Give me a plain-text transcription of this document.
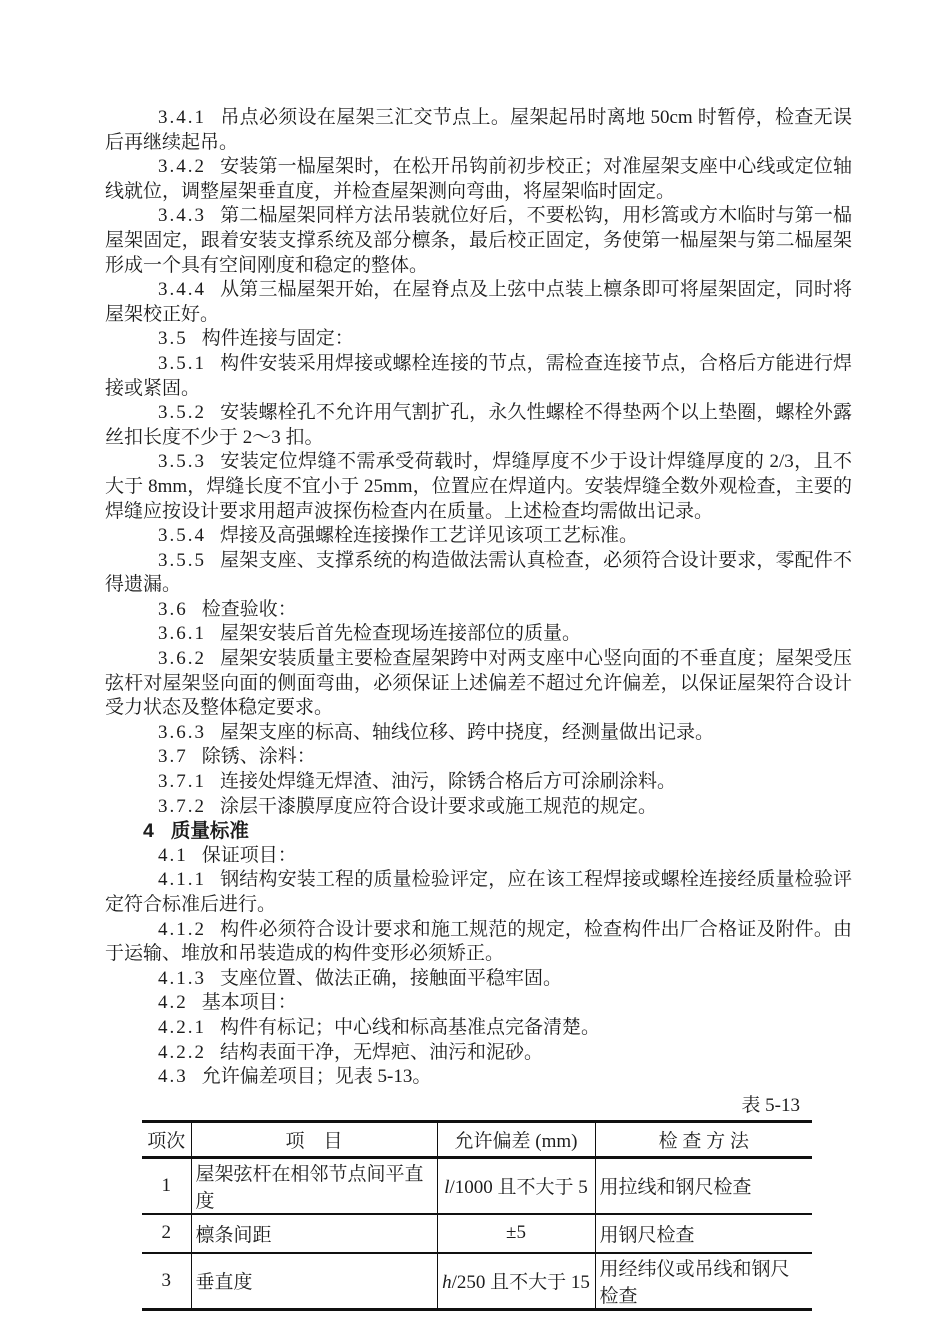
3.4.1 吊点必须设在屋架三汇交节点上。屋架起吊时离地 50cm 时暂停，检查无误后再继续起吊。

3.4.2 安装第一榀屋架时，在松开吊钩前初步校正；对准屋架支座中心线或定位轴线就位，调整屋架垂直度，并检查屋架测向弯曲，将屋架临时固定。

3.4.3 第二榀屋架同样方法吊装就位好后，不要松钩，用杉篙或方木临时与第一榀屋架固定，跟着安装支撑系统及部分檩条，最后校正固定，务使第一榀屋架与第二榀屋架形成一个具有空间刚度和稳定的整体。

3.4.4 从第三榀屋架开始，在屋脊点及上弦中点装上檩条即可将屋架固定，同时将屋架校正好。

3.5 构件连接与固定：

3.5.1 构件安装采用焊接或螺栓连接的节点，需检查连接节点，合格后方能进行焊接或紧固。

3.5.2 安装螺栓孔不允许用气割扩孔，永久性螺栓不得垫两个以上垫圈，螺栓外露丝扣长度不少于 2～3 扣。

3.5.3 安装定位焊缝不需承受荷载时，焊缝厚度不少于设计焊缝厚度的 2/3，且不大于 8mm，焊缝长度不宜小于 25mm，位置应在焊道内。安装焊缝全数外观检查，主要的焊缝应按设计要求用超声波探伤检查内在质量。上述检查均需做出记录。

3.5.4 焊接及高强螺栓连接操作工艺详见该项工艺标准。

3.5.5 屋架支座、支撑系统的构造做法需认真检查，必须符合设计要求，零配件不得遗漏。

3.6 检查验收：

3.6.1 屋架安装后首先检查现场连接部位的质量。

3.6.2 屋架安装质量主要检查屋架跨中对两支座中心竖向面的不垂直度；屋架受压弦杆对屋架竖向面的侧面弯曲，必须保证上述偏差不超过允许偏差，以保证屋架符合设计受力状态及整体稳定要求。

3.6.3 屋架支座的标高、轴线位移、跨中挠度，经测量做出记录。

3.7 除锈、涂料：

3.7.1 连接处焊缝无焊渣、油污，除锈合格后方可涂刷涂料。

3.7.2 涂层干漆膜厚度应符合设计要求或施工规范的规定。

4 质量标准

4.1 保证项目：

4.1.1 钢结构安装工程的质量检验评定，应在该工程焊接或螺栓连接经质量检验评定符合标准后进行。

4.1.2 构件必须符合设计要求和施工规范的规定，检查构件出厂合格证及附件。由于运输、堆放和吊装造成的构件变形必须矫正。

4.1.3 支座位置、做法正确，接触面平稳牢固。

4.2 基本项目：

4.2.1 构件有标记；中心线和标高基准点完备清楚。

4.2.2 结构表面干净，无焊疤、油污和泥砂。

4.3 允许偏差项目；见表 5-13。

表 5-13
项次	项　目	允许偏差 (mm)	检 查 方 法
1	屋架弦杆在相邻节点间平直度	l/1000 且不大于 5	用拉线和钢尺检查
2	檩条间距	±5	用钢尺检查
3	垂直度	h/250 且不大于 15	用经纬仪或吊线和钢尺检查
